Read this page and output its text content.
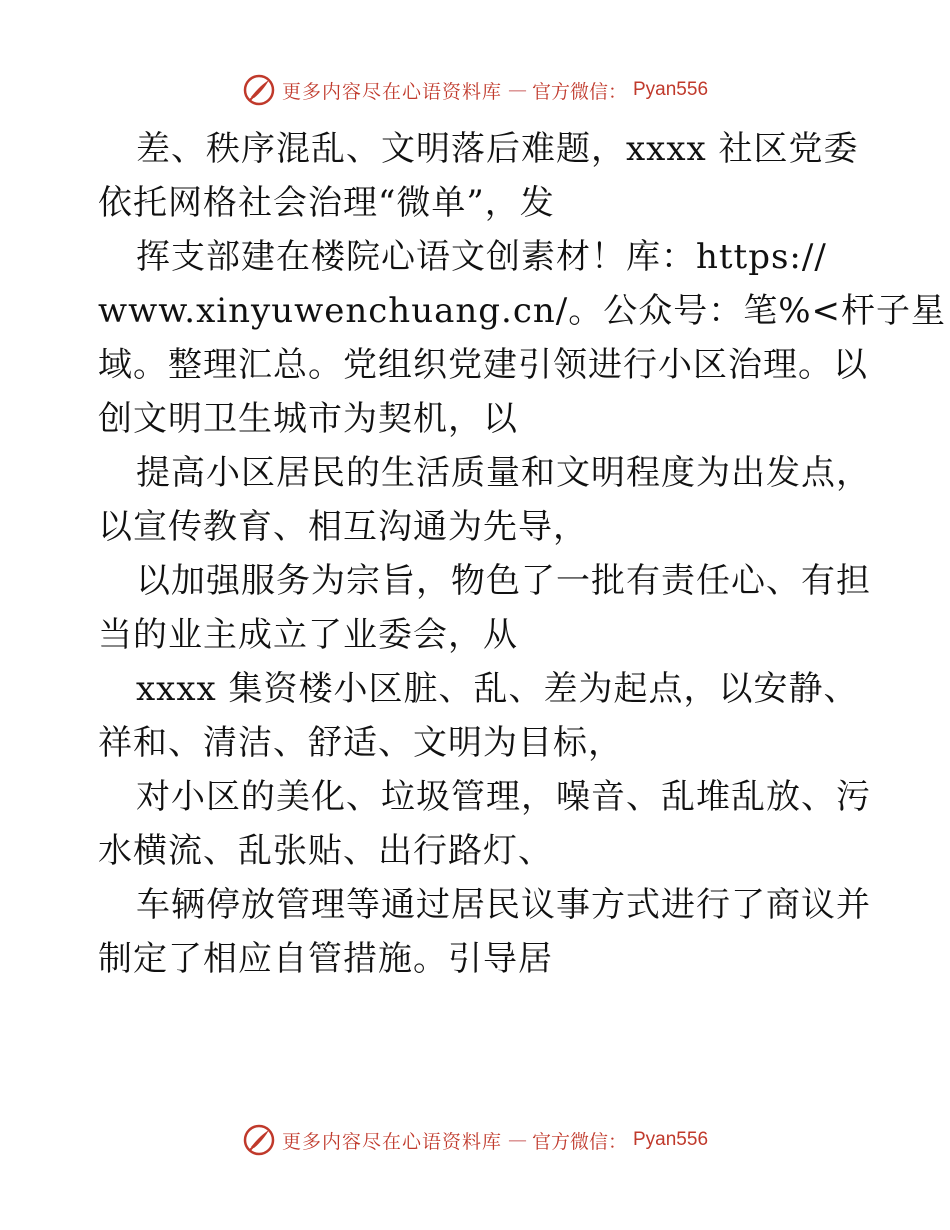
更多内容尽在心语资料库 — 官方微信： Pyan556
差、秩序混乱、文明落后难题，xxxx 社区党委
依托网格社会治理“微单”，发
挥支部建在楼院心语文创素材！库：https://
www.xinyuwenchuang.cn/。公众号：笔%<杆子星
域。整理汇总。党组织党建引领进行小区治理。以
创文明卫生城市为契机，以
提高小区居民的生活质量和文明程度为出发点，
以宣传教育、相互沟通为先导，
以加强服务为宗旨，物色了一批有责任心、有担
当的业主成立了业委会，从
xxxx 集资楼小区脏、乱、差为起点，以安静、
祥和、清洁、舒适、文明为目标，
对小区的美化、垃圾管理，噪音、乱堆乱放、污
水横流、乱张贴、出行路灯、
车辆停放管理等通过居民议事方式进行了商议并
制定了相应自管措施。引导居
更多内容尽在心语资料库 — 官方微信： Pyan556
